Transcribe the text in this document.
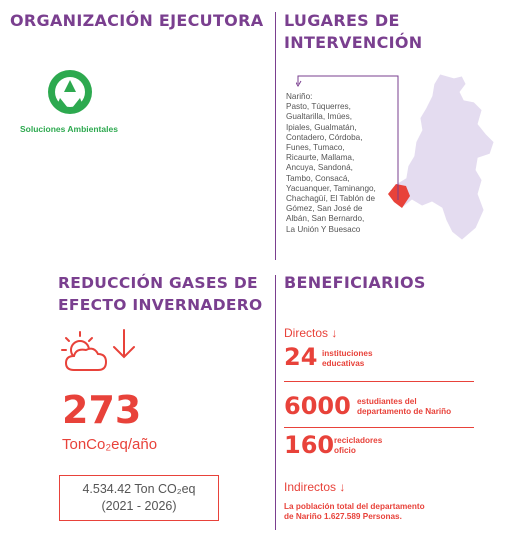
ORGANIZACIÓN EJECUTORA
Soluciones Ambientales
LUGARES DE
INTERVENCIÓN
Nariño:
Pasto, Túquerres,
Gualtarilla, Imúes,
Ipiales, Gualmatán,
Contadero, Córdoba,
Funes, Tumaco,
Ricaurte, Mallama,
Ancuya, Sandoná,
Tambo, Consacá,
Yacuanquer, Taminango,
Chachagüí, El Tablón de
Gómez, San José de
Albán, San Bernardo,
La Unión Y Buesaco
REDUCCIÓN GASES DE
EFECTO INVERNADERO
273
TonCo₂eq/año
4.534.42 Ton CO₂eq
(2021 - 2026)
BENEFICIARIOS
Directos ↓
24 instituciones
educativas
6000 estudiantes del
departamento de Nariño
160 recicladores
oficio
Indirectos ↓
La población total del departamento
de Nariño 1.627.589 Personas.
